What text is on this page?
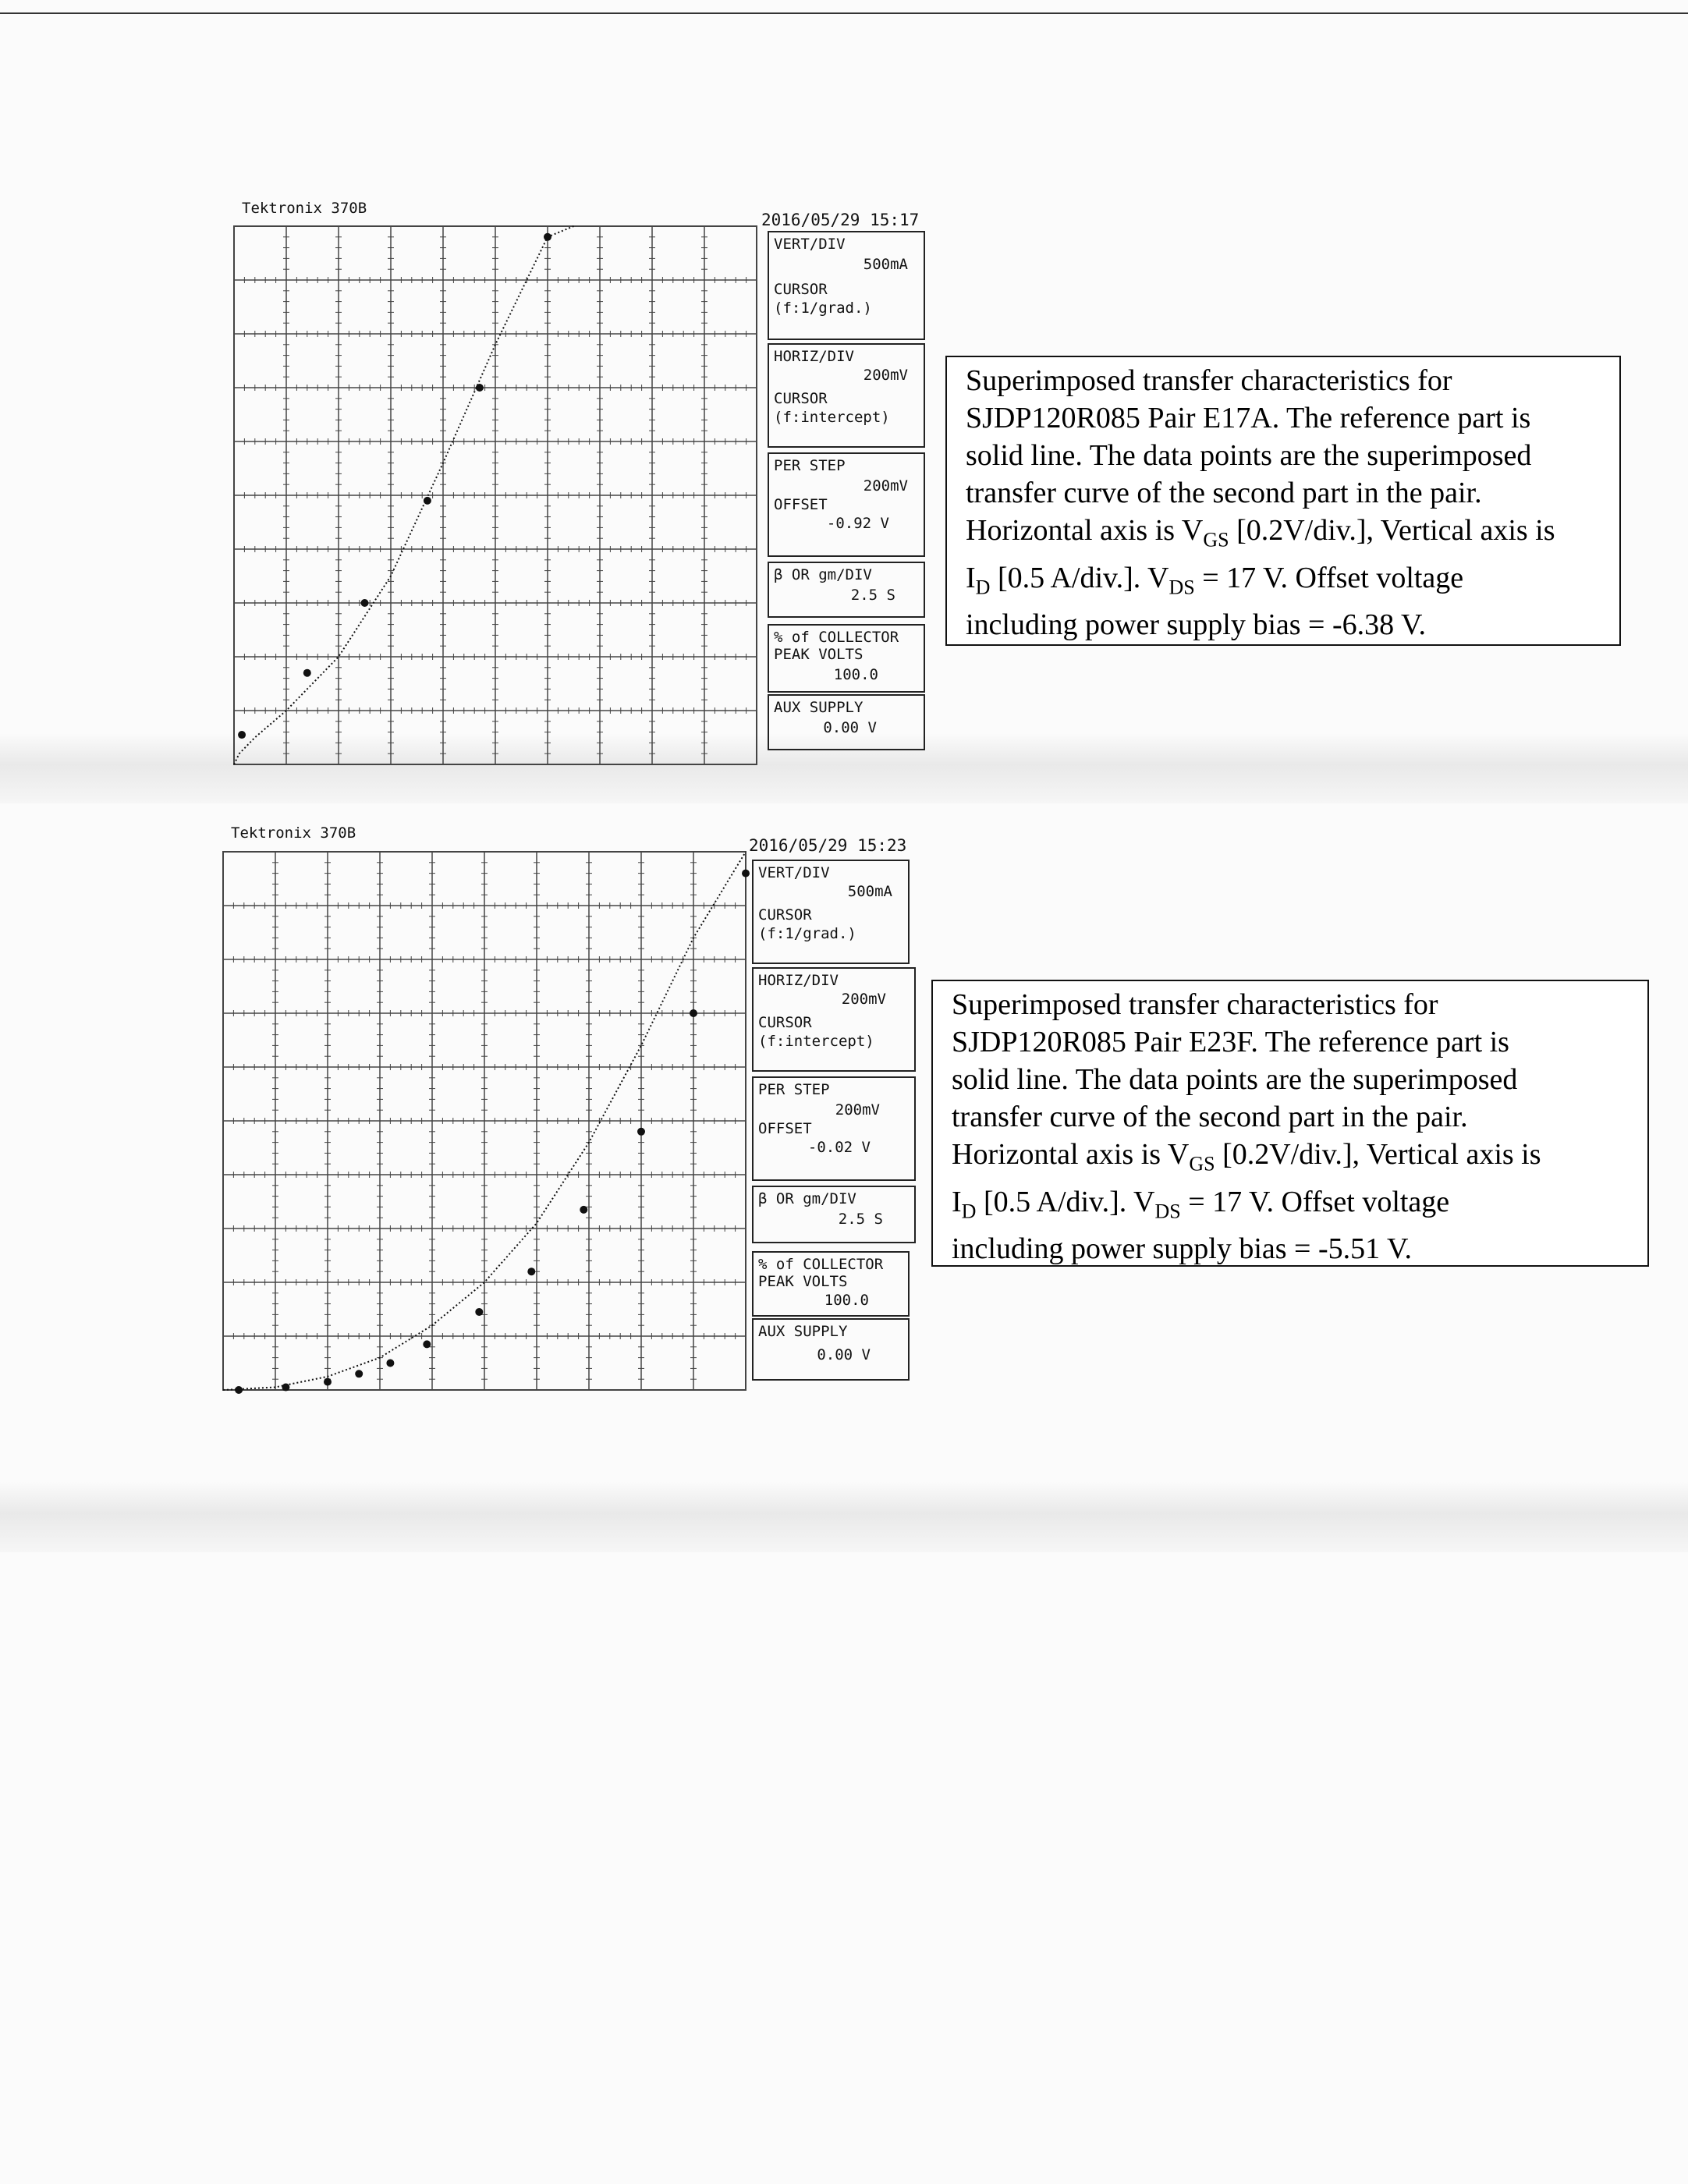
Tektronix 370B
2016/05/29 15:17
VERT/DIV
500mA
CURSOR
(f:1/grad.)
HORIZ/DIV
200mV
CURSOR
(f:intercept)
PER STEP
200mV
OFFSET
-0.92 V
β OR gm/DIV
2.5 S
% of COLLECTOR
PEAK VOLTS
100.0
AUX SUPPLY
0.00 V
Superimposed transfer characteristics for
SJDP120R085 Pair E17A. The reference part is
solid line. The data points are the superimposed
transfer curve of the second part in the pair.
Horizontal axis is $V_{GS}$ [0.2V/div.], Vertical axis is
$I_D$ [0.5 A/div.]. $V_{DS} = 17$ V. Offset voltage
including power supply bias = -6.38 V.
Tektronix 370B
2016/05/29 15:23
VERT/DIV
500mA
CURSOR
(f:1/grad.)
HORIZ/DIV
200mV
CURSOR
(f:intercept)
PER STEP
200mV
OFFSET
-0.02 V
β OR gm/DIV
2.5 S
% of COLLECTOR
PEAK VOLTS
100.0
AUX SUPPLY
0.00 V
Superimposed transfer characteristics for
SJDP120R085 Pair E23F. The reference part is
solid line. The data points are the superimposed
transfer curve of the second part in the pair.
Horizontal axis is $V_{GS}$ [0.2V/div.], Vertical axis is
$I_D$ [0.5 A/div.]. $V_{DS} = 17$ V. Offset voltage
including power supply bias = -5.51 V.
